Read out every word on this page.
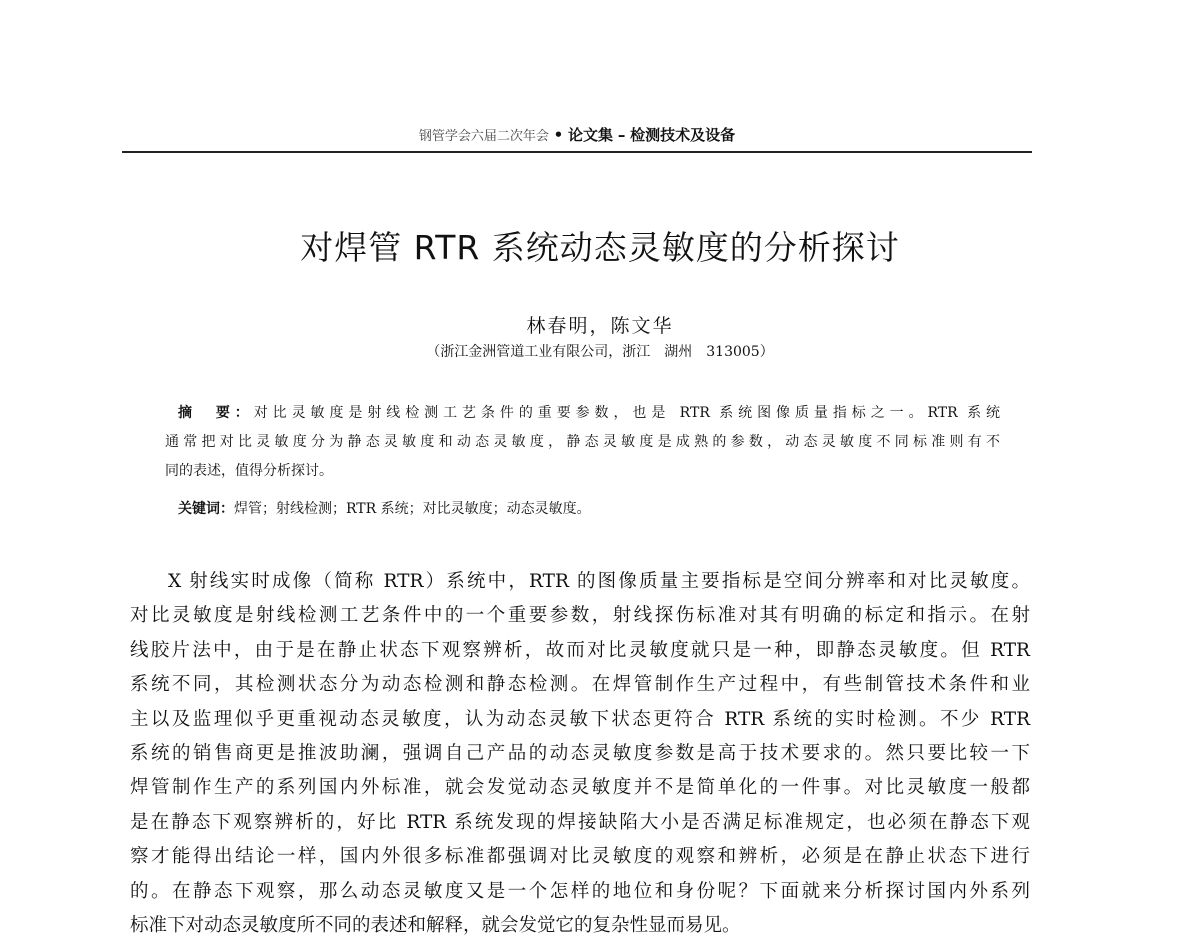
钢管学会六届二次年会 • 论文集 – 检测技术及设备
对焊管 RTR 系统动态灵敏度的分析探讨
林春明，陈文华
（浙江金洲管道工业有限公司，浙江　湖州　313005）
摘　要：对比灵敏度是射线检测工艺条件的重要参数，也是 RTR 系统图像质量指标之一。RTR 系统
通常把对比灵敏度分为静态灵敏度和动态灵敏度，静态灵敏度是成熟的参数，动态灵敏度不同标准则有不
同的表述，值得分析探讨。
关键词：焊管；射线检测；RTR 系统；对比灵敏度；动态灵敏度。
X 射线实时成像（简称 RTR）系统中，RTR 的图像质量主要指标是空间分辨率和对比灵敏度。
对比灵敏度是射线检测工艺条件中的一个重要参数，射线探伤标准对其有明确的标定和指示。在射
线胶片法中，由于是在静止状态下观察辨析，故而对比灵敏度就只是一种，即静态灵敏度。但 RTR
系统不同，其检测状态分为动态检测和静态检测。在焊管制作生产过程中，有些制管技术条件和业
主以及监理似乎更重视动态灵敏度，认为动态灵敏下状态更符合 RTR 系统的实时检测。不少 RTR
系统的销售商更是推波助澜，强调自己产品的动态灵敏度参数是高于技术要求的。然只要比较一下
焊管制作生产的系列国内外标准，就会发觉动态灵敏度并不是简单化的一件事。对比灵敏度一般都
是在静态下观察辨析的，好比 RTR 系统发现的焊接缺陷大小是否满足标准规定，也必须在静态下观
察才能得出结论一样，国内外很多标准都强调对比灵敏度的观察和辨析，必须是在静止状态下进行
的。在静态下观察，那么动态灵敏度又是一个怎样的地位和身份呢？下面就来分析探讨国内外系列
标准下对动态灵敏度所不同的表述和解释，就会发觉它的复杂性显而易见。
